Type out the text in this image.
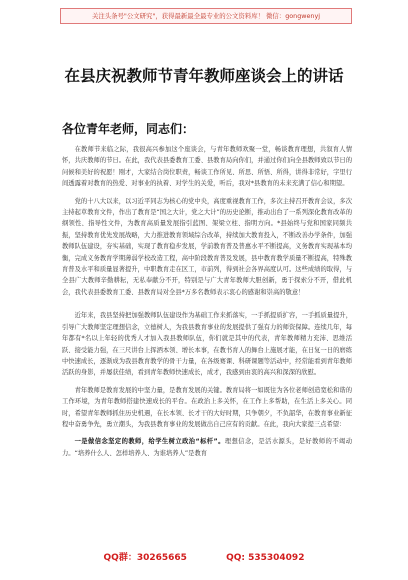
关注头条号"公文研究"，获得最新最全最专业的公文资料库！ 微信：gongwenyj
在县庆祝教师节青年教师座谈会上的讲话
各位青年老师，同志们：

在教师节来临之际，我很高兴参加这个座谈会，与青年教师欢聚一堂，畅谈教育理想，共叙育人情怀，共庆教师的节日。在此，我代表县委教育工委、县教育局向你们，并通过你们向全县教师致以节日的问候和美好的祝愿！刚才，大家结合岗位职责，畅谈工作所见、所思、所悟、所得，讲得非常好，字里行间透露着对教育的热爱、对事业的执着、对学生的关爱，听后，我对*县教育的未来充满了信心和期望。

党的十八大以来，以习近平同志为核心的党中央，高度重视教育工作，多次主持召开教育会议，多次主持起草教育文件，作出了教育是“国之大计，党之大计”的历史论断，推动出台了一系列深化教育改革的纲领性、指导性文件，为教育高质量发展指引蓝图、架梁立柱、指明方向。*县始终与党和国家同频共振，坚持教育优先发展战略，大力推进教育领域综合改革，持续加大教育投入，不断改善办学条件，加强教师队伍建设，夯实基础，实现了教育稳步发展，学前教育普及普惠水平不断提高，义务教育实现基本均衡，完成义务教育学期薄弱学校改造工程，高中阶段教育普及发展，县中教育教学质量不断提高，特殊教育普及水平和质量显著提升，中职教育走在区工，市前列，得到社会各界高度认可。这些成绩的取得，与全县广大教师辛勤耕耘，无私奉献分不开，特别是与广大青年教师大胆创新，勇于探索分不开，借此机会，我代表县委教育工委、县教育局对全县*万多名教师表示衷心的感谢和崇高的敬意！

近年来，我县坚持把加强教师队伍建设作为基础工作来抓落实，一手抓提质扩容，一手抓质量提升，引导广大教师坚定理想信念，立德树人，为我县教育事业的发展提供了强有力的师资保障。连续几年，每年都有*名以上年轻的优秀人才加入我县教师队伍，你们就是其中的代表，青年教师精力充沛、思维活跃、接受能力强，在三尺讲台上挥洒本领、增长本事，在教书育人的舞台上施展才能，在日复一日的磨练中快速成长，逐渐成为我县教育教学的骨干力量，在各级赛课、科研课题等活动中，经常能看到青年教师活跃的身影，并屡获佳绩，看到青年教师快速成长，成才，我感到由衷的高兴和深深的欣慰。

青年教师是教育发展的中坚力量，是教育发展的关键。教育局将一如既往为各位老师创造宽松和谐的工作环境，为青年教师搭建快速成长的平台。在政治上多关怀，在工作上多帮助，在生活上多关心。同时，希望青年教师抓住历史机遇，在长本领、长才干的大好时期，只争朝夕，不负韶华，在教育事业新征程中奋勇争先，勇立潮头，为我县教育事业的发展做出自己应有的贡献。在此，我向大家提三点希望：

一是做信念坚定的教师，给学生树立政治“标杆”。理想信念，是活水源头，是好教师的不竭动力。“培养什么人、怎样培养人、为谁培养人”是教育

QQ群：30265665	QQ: 535304092
